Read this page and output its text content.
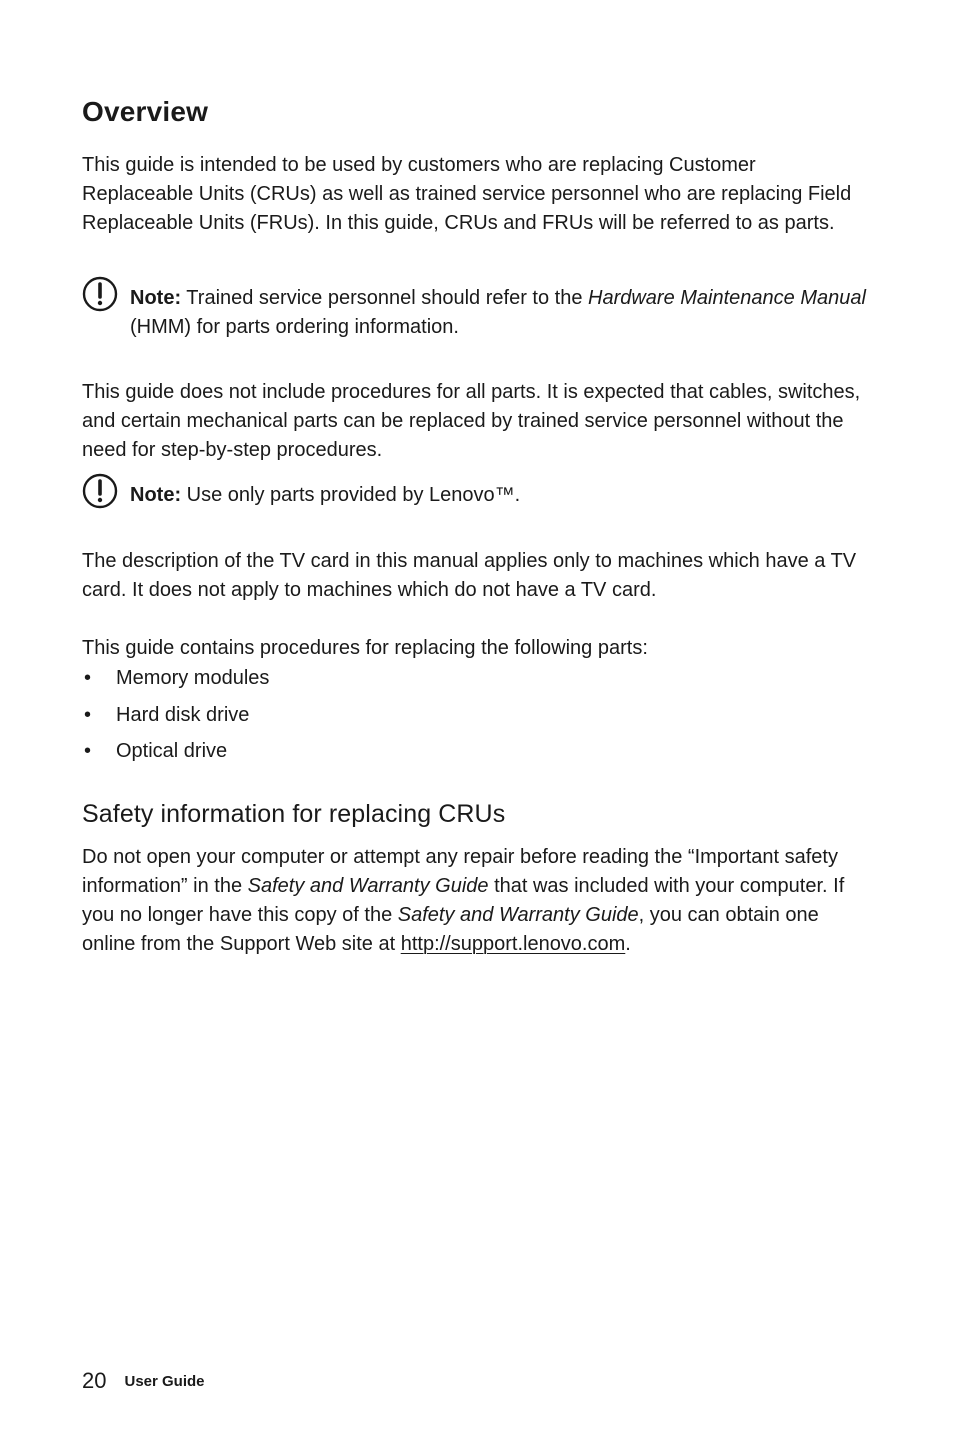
Overview

This guide is intended to be used by customers who are replacing Customer Replaceable Units (CRUs) as well as trained service personnel who are replacing Field Replaceable Units (FRUs). In this guide, CRUs and FRUs will be referred to as parts.

Note: Trained service personnel should refer to the Hardware Maintenance Manual (HMM) for parts ordering information.

This guide does not include procedures for all parts. It is expected that cables, switches, and certain mechanical parts can be replaced by trained service personnel without the need for step-by-step procedures.

Note: Use only parts provided by Lenovo™.

The description of the TV card in this manual applies only to machines which have a TV card. It does not apply to machines which do not have a TV card.

This guide contains procedures for replacing the following parts:

• Memory modules
• Hard disk drive
• Optical drive
Safety information for replacing CRUs

Do not open your computer or attempt any repair before reading the “Important safety information” in the Safety and Warranty Guide that was included with your computer. If you no longer have this copy of the Safety and Warranty Guide, you can obtain one online from the Support Web site at http://support.lenovo.com.

20 User Guide
